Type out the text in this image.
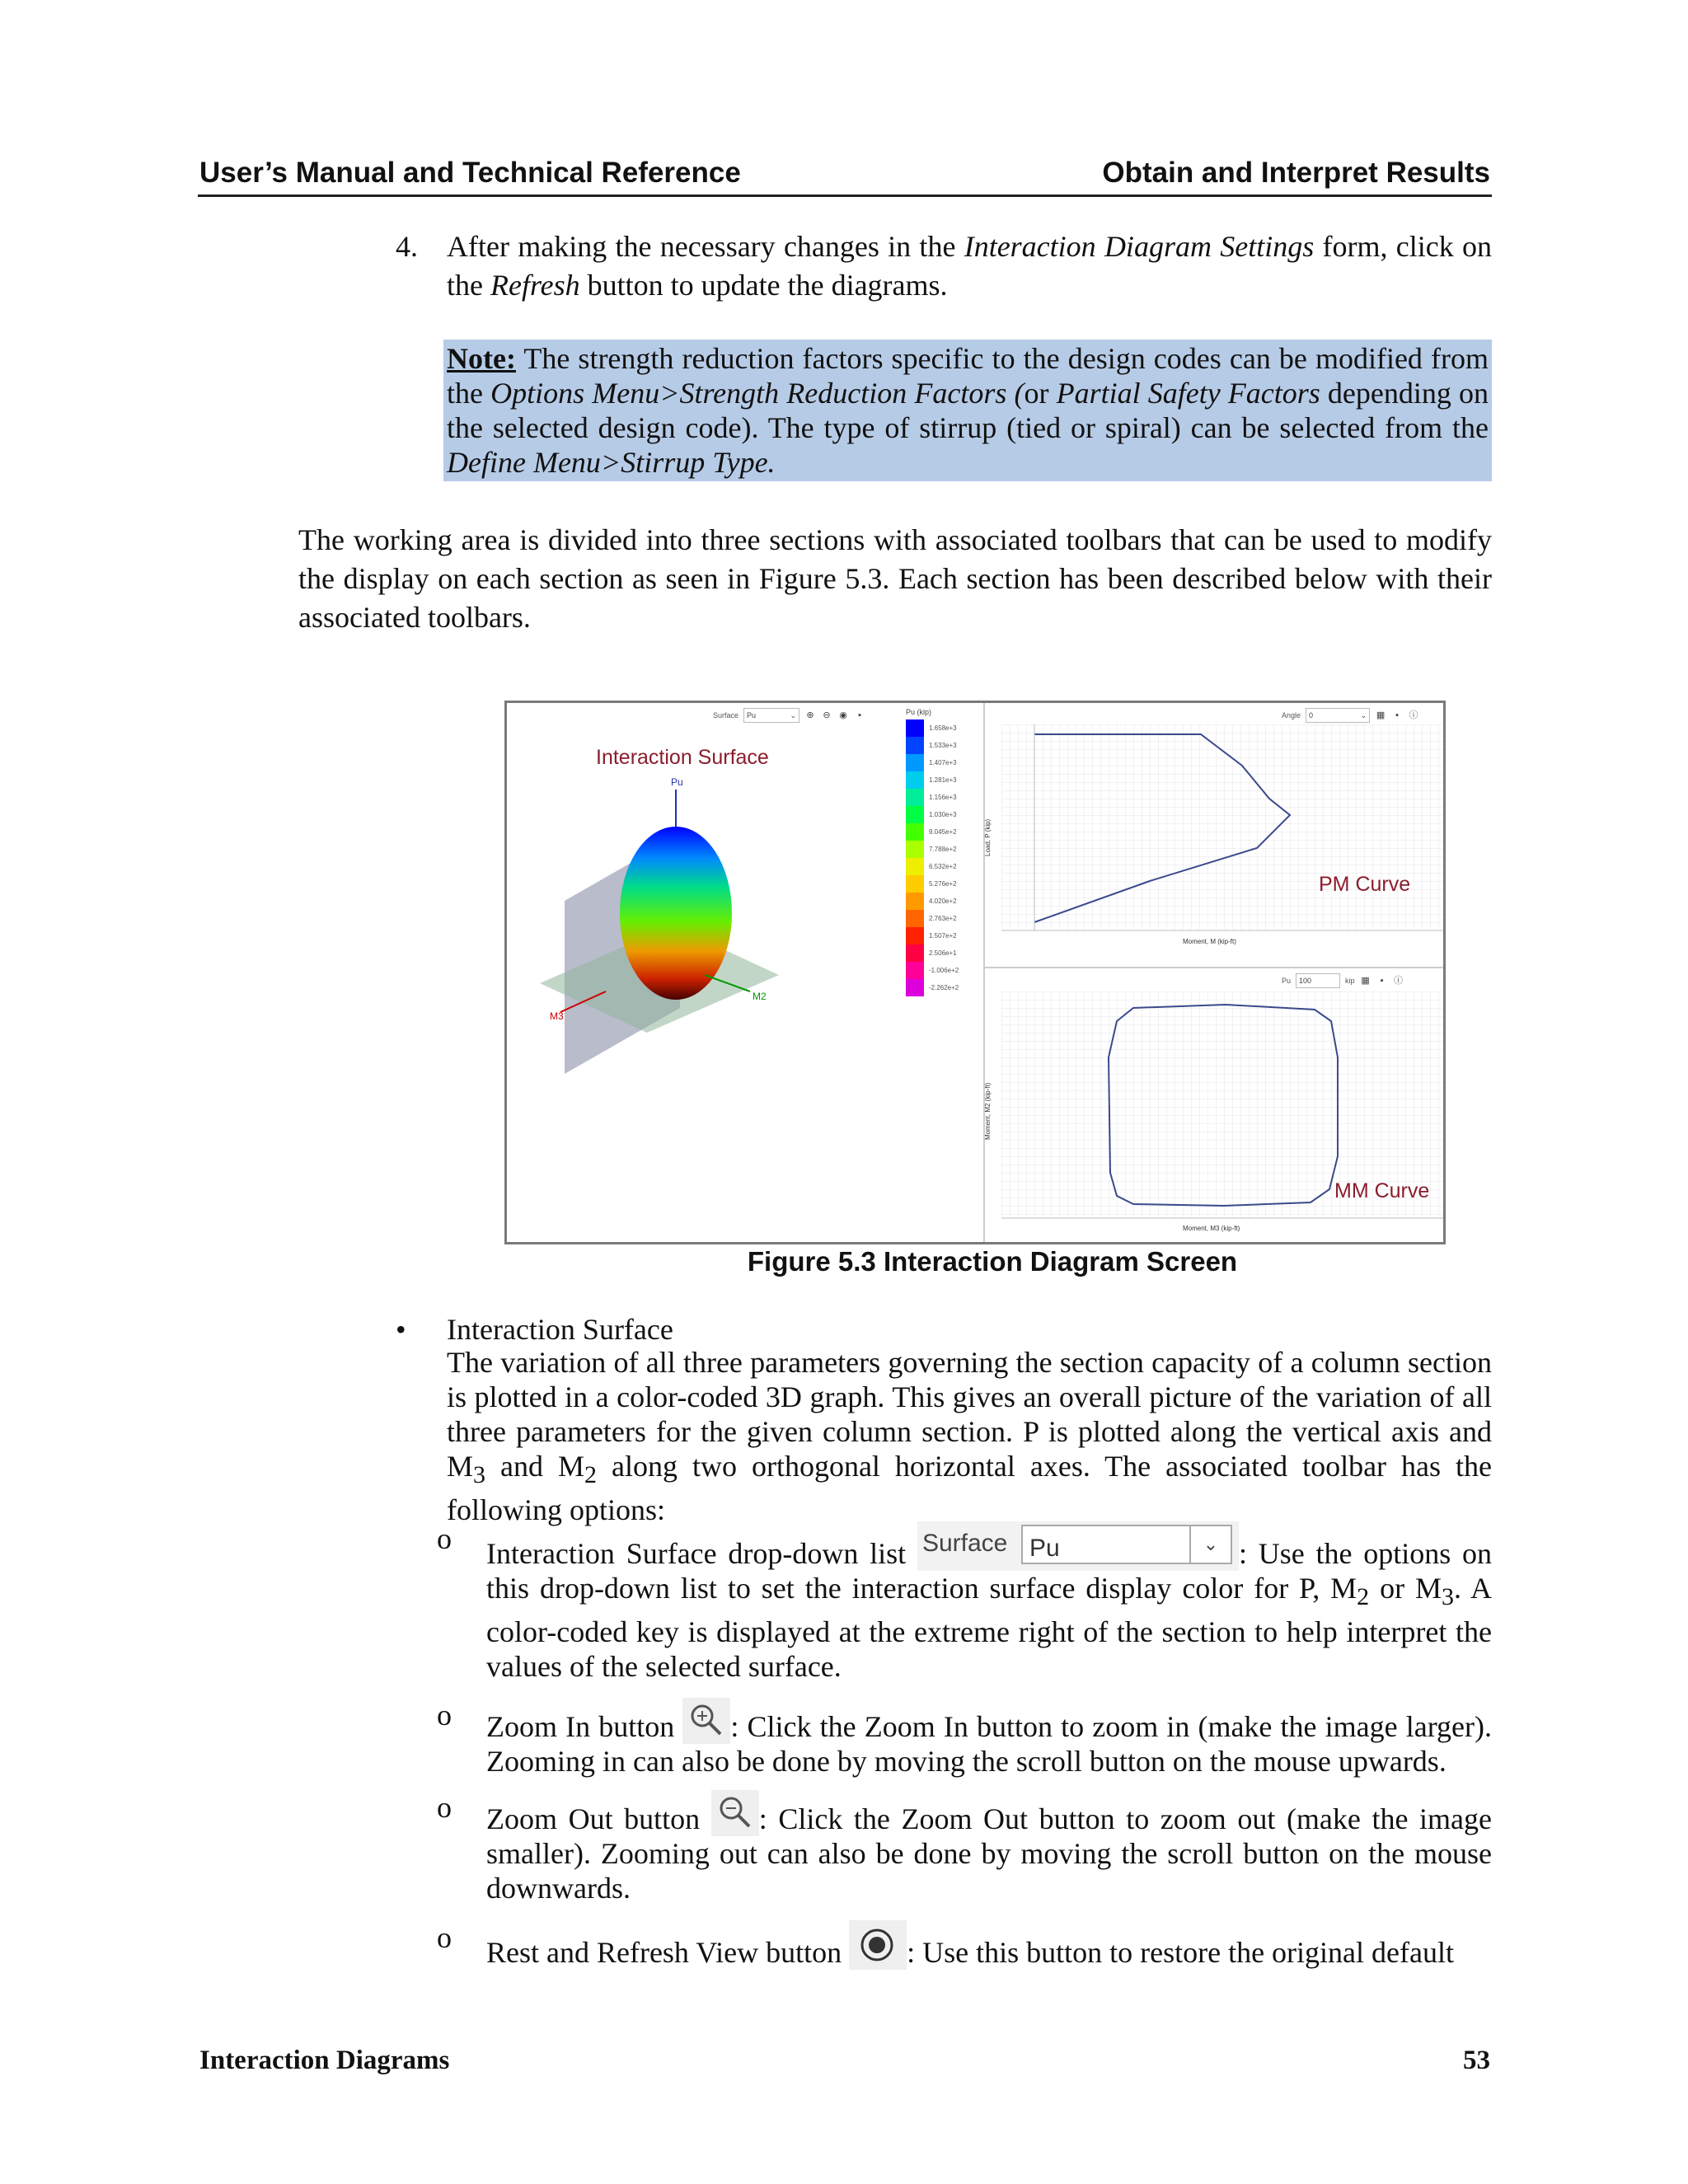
User’s Manual and Technical Reference	Obtain and Interpret Results
4. After making the necessary changes in the Interaction Diagram Settings form, click on the Refresh button to update the diagrams.
Note: The strength reduction factors specific to the design codes can be modified from the Options Menu>Strength Reduction Factors (or Partial Safety Factors depending on the selected design code). The type of stirrup (tied or spiral) can be selected from the Define Menu>Stirrup Type.
The working area is divided into three sections with associated toolbars that can be used to modify the display on each section as seen in Figure 5.3. Each section has been described below with their associated toolbars.
Surface	Pu	⌄ ⊕ ⊖ ◉	▪
Interaction Surface
Pu
M2
M3
Pu (kip)
1.658e+3
1.533e+3
1.407e+3
1.281e+3
1.156e+3
1.030e+3
9.045e+2
7.788e+2
6.532e+2
5.276e+2
4.020e+2
2.763e+2
1.507e+2
2.506e+1
-1.006e+2
-2.262e+2
Angle	0	⌄ ▦	▪	ⓘ
Moment, M (kip-ft)
Load, P (kip)
PM Curve
Pu	100	kip ▦	▪	ⓘ
Moment, M3 (kip-ft)
Moment, M2 (kip-ft)
MM Curve
Figure 5.3 Interaction Diagram Screen
• Interaction Surface
The variation of all three parameters governing the section capacity of a column section is plotted in a color-coded 3D graph. This gives an overall picture of the variation of all three parameters for the given column section. P is plotted along the vertical axis and $M_3$ and $M_2$ along two orthogonal horizontal axes. The associated toolbar has the following options:
o Interaction Surface drop-down list Surface Pu	⌄ : Use the options on this drop-down list to set the interaction surface display color for P, $M_2$ or $M_3$. A color-coded key is displayed at the extreme right of the section to help interpret the values of the selected surface.
o Zoom In button
: Click the Zoom In button to zoom in (make the image larger). Zooming in can also be done by moving the scroll button on the mouse upwards.
o Zoom Out button
: Click the Zoom Out button to zoom out (make the image smaller). Zooming out can also be done by moving the scroll button on the mouse downwards.
o Rest and Refresh View button
: Use this button to restore the original default
Interaction Diagrams	53
